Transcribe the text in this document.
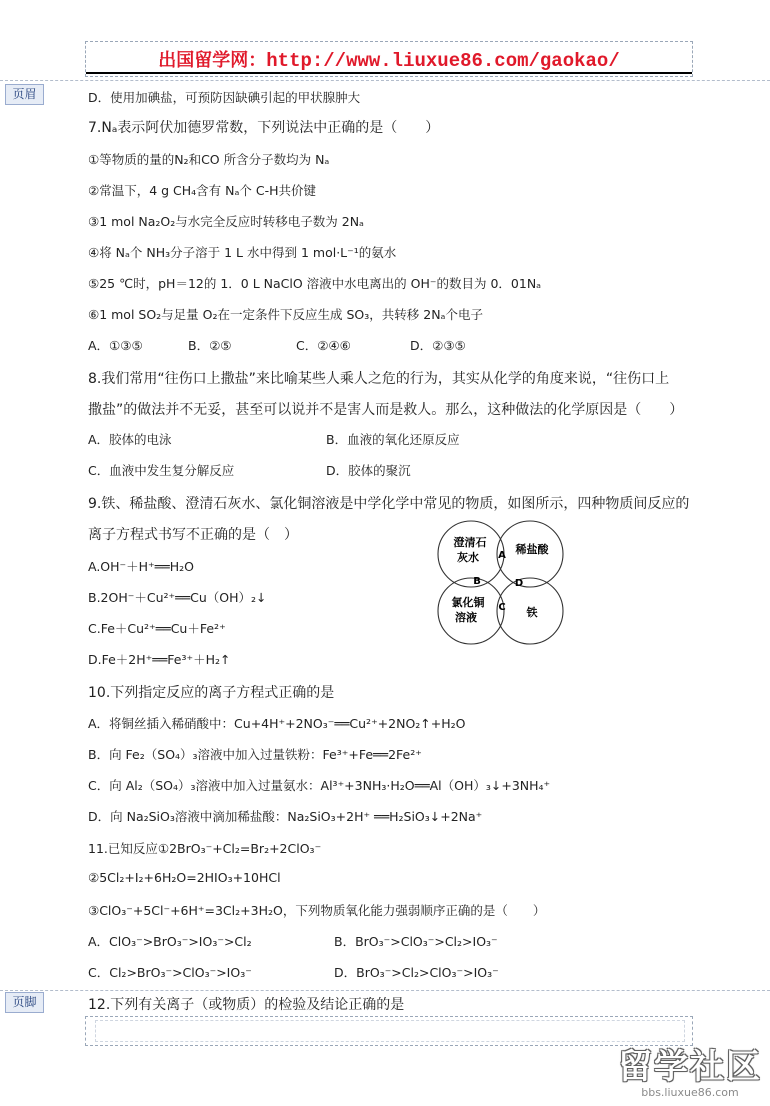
出国留学网：http://www.liuxue86.com/gaokao/
页眉	D．使用加碘盐，可预防因缺碘引起的甲状腺肿大
7.Nₐ表示阿伏加德罗常数，下列说法中正确的是（　　）
①等物质的量的N₂和CO 所含分子数均为 Nₐ
②常温下，4 g CH₄含有 Nₐ个 C-H共价键
③1 mol Na₂O₂与水完全反应时转移电子数为 2Nₐ
④将 Nₐ个 NH₃分子溶于 1 L 水中得到 1 mol·L⁻¹的氨水
⑤25 ℃时，pH＝12的 1．0 L NaClO 溶液中水电离出的 OH⁻的数目为 0．01Nₐ
⑥1 mol SO₂与足量 O₂在一定条件下反应生成 SO₃，共转移 2Nₐ个电子
A．①③⑤	B．②⑤	C．②④⑥	D．②③⑤
8.我们常用“往伤口上撒盐”来比喻某些人乘人之危的行为，其实从化学的角度来说，“往伤口上
撒盐”的做法并不无妥，甚至可以说并不是害人而是救人。那么，这种做法的化学原因是（　　）
A．胶体的电泳	B．血液的氧化还原反应
C．血液中发生复分解反应	D．胶体的聚沉
9.铁、稀盐酸、澄清石灰水、氯化铜溶液是中学化学中常见的物质，如图所示，四种物质间反应的
离子方程式书写不正确的是（　）
A.OH⁻＋H⁺══H₂O
B.2OH⁻＋Cu²⁺══Cu（OH）₂↓
C.Fe＋Cu²⁺══Cu＋Fe²⁺
D.Fe＋2H⁺══Fe³⁺＋H₂↑
澄清石
灰水
稀盐酸
氯化铜
溶液	铁
A
B
C
D
10.下列指定反应的离子方程式正确的是
A．将铜丝插入稀硝酸中：Cu+4H⁺+2NO₃⁻══Cu²⁺+2NO₂↑+H₂O
B．向 Fe₂（SO₄）₃溶液中加入过量铁粉：Fe³⁺+Fe══2Fe²⁺
C．向 Al₂（SO₄）₃溶液中加入过量氨水：Al³⁺+3NH₃·H₂O══Al（OH）₃↓+3NH₄⁺
D．向 Na₂SiO₃溶液中滴加稀盐酸：Na₂SiO₃+2H⁺ ══H₂SiO₃↓+2Na⁺
11.已知反应①2BrO₃⁻+Cl₂=Br₂+2ClO₃⁻
②5Cl₂+I₂+6H₂O=2HIO₃+10HCl
③ClO₃⁻+5Cl⁻+6H⁺=3Cl₂+3H₂O，下列物质氧化能力强弱顺序正确的是（　　）
A．ClO₃⁻>BrO₃⁻>IO₃⁻>Cl₂	B．BrO₃⁻>ClO₃⁻>Cl₂>IO₃⁻
C．Cl₂>BrO₃⁻>ClO₃⁻>IO₃⁻	D．BrO₃⁻>Cl₂>ClO₃⁻>IO₃⁻
页脚	12.下列有关离子（或物质）的检验及结论正确的是
留学社区
bbs.liuxue86.com
